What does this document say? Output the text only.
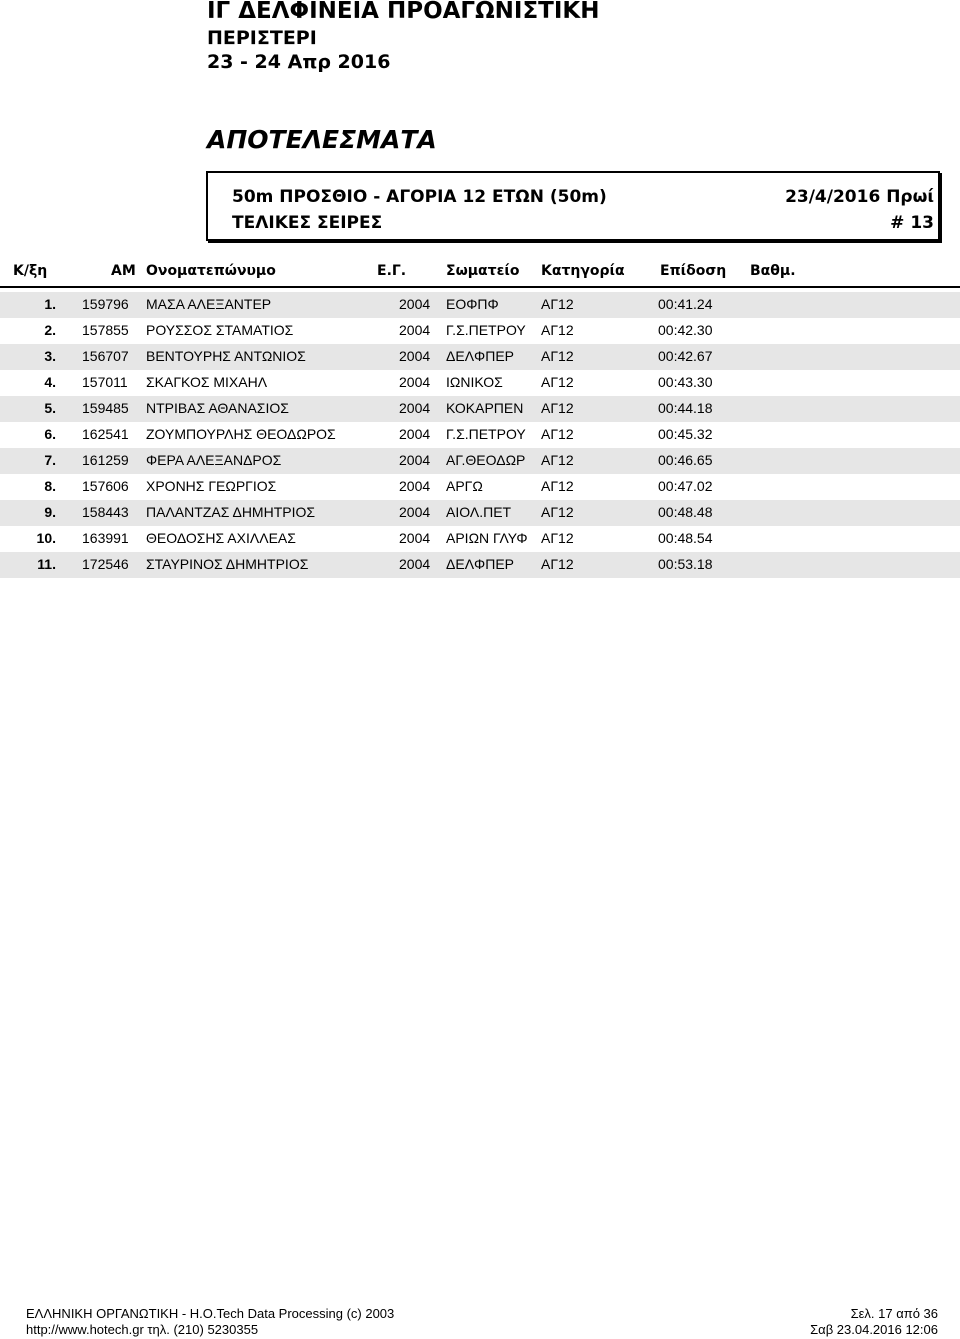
ΙΓ ΔΕΛΦΙΝΕΙΑ ΠΡΟΑΓΩΝΙΣΤΙΚΗ
ΠΕΡΙΣΤΕΡΙ
23 - 24 Απρ 2016
ΑΠΟΤΕΛΕΣΜΑΤΑ
50m ΠΡΟΣΘΙΟ - ΑΓΟΡΙΑ 12 ΕΤΩΝ (50m)	23/4/2016 Πρωί
ΤΕΛΙΚΕΣ ΣΕΙΡΕΣ	# 13
Κ/ξη	ΑΜ Ονοματεπώνυμο	Ε.Γ.	Σωματείο Κατηγορία	Επίδοση Βαθμ.
1. 159796 ΜΑΣΑ ΑΛΕΞΑΝΤΕΡ	2004 ΕΟΦΠΦ	ΑΓ12	00:41.24
2. 157855 ΡΟΥΣΣΟΣ ΣΤΑΜΑΤΙΟΣ	2004 Γ.Σ.ΠΕΤΡΟΥ ΑΓ12	00:42.30
3. 156707 ΒΕΝΤΟΥΡΗΣ ΑΝΤΩΝΙΟΣ	2004 ΔΕΛΦΠΕΡ ΑΓ12	00:42.67
4. 157011 ΣΚΑΓΚΟΣ ΜΙΧΑΗΛ	2004 ΙΩΝΙΚΟΣ	ΑΓ12	00:43.30
5. 159485 ΝΤΡΙΒΑΣ ΑΘΑΝΑΣΙΟΣ	2004 ΚΟΚΑΡΠΕΝ ΑΓ12	00:44.18
6. 162541 ΖΟΥΜΠΟΥΡΛΗΣ ΘΕΟΔΩΡΟΣ	2004 Γ.Σ.ΠΕΤΡΟΥ ΑΓ12	00:45.32
7. 161259 ΦΕΡΑ ΑΛΕΞΑΝΔΡΟΣ	2004 ΑΓ.ΘΕΟΔΩΡ ΑΓ12	00:46.65
8. 157606 ΧΡΟΝΗΣ ΓΕΩΡΓΙΟΣ	2004 ΑΡΓΩ	ΑΓ12	00:47.02
9. 158443 ΠΑΛΑΝΤΖΑΣ ΔΗΜΗΤΡΙΟΣ	2004 ΑΙΟΛ.ΠΕΤ ΑΓ12	00:48.48
10. 163991 ΘΕΟΔΟΣΗΣ ΑΧΙΛΛΕΑΣ	2004 ΑΡΙΩΝ ΓΛΥΦ ΑΓ12	00:48.54
11. 172546 ΣΤΑΥΡΙΝΟΣ ΔΗΜΗΤΡΙΟΣ	2004 ΔΕΛΦΠΕΡ ΑΓ12	00:53.18
ΕΛΛΗΝΙΚΗ ΟΡΓΑΝΩΤΙΚΗ - Η.Ο.Tech Data Processing (c) 2003
http://www.hotech.gr τηλ. (210) 5230355
Σελ. 17 από 36
Σαβ 23.04.2016 12:06
